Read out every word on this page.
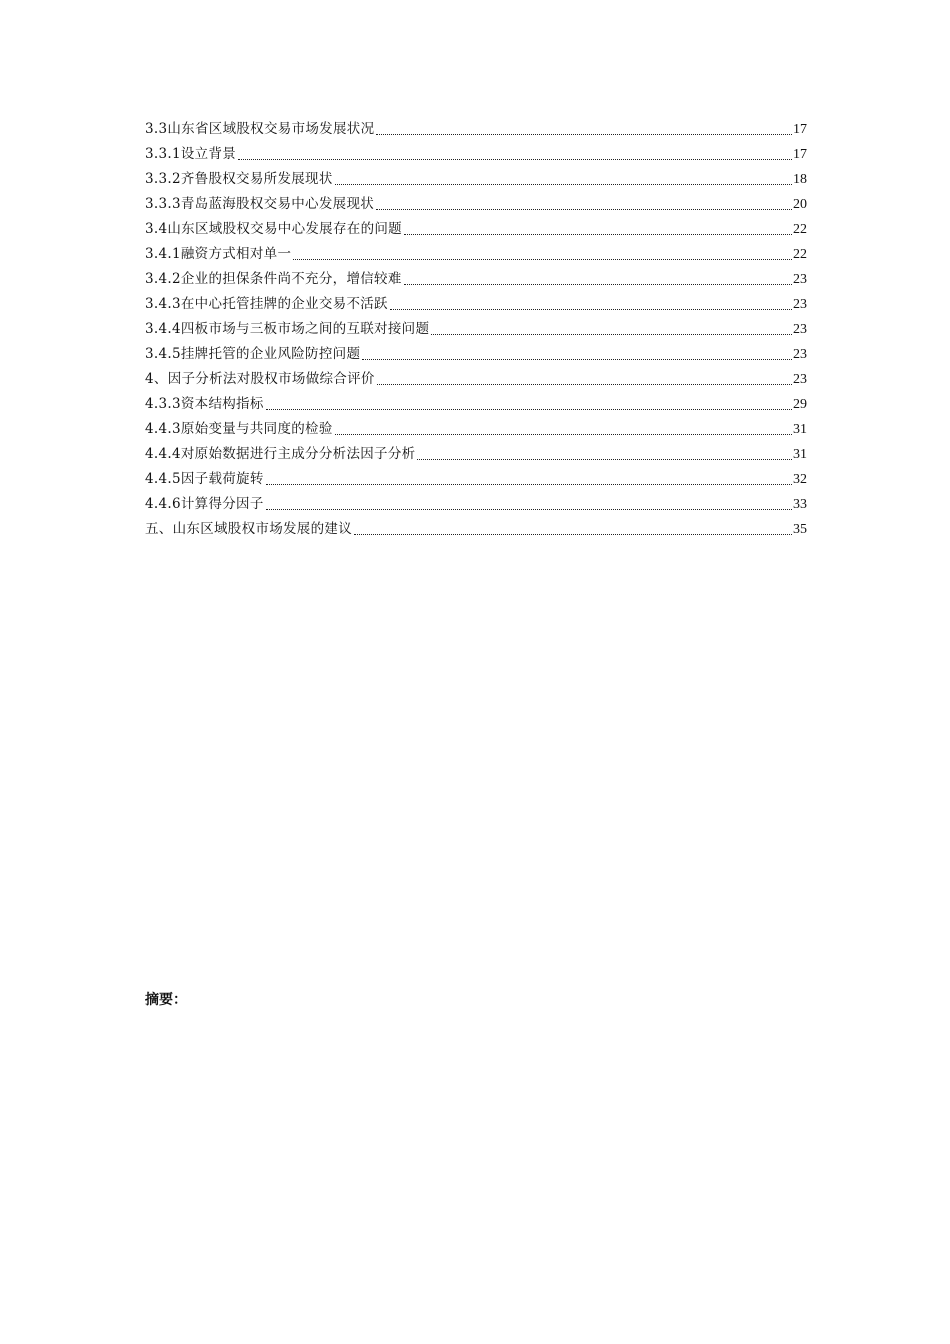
3.3山东省区域股权交易市场发展状况	17
3.3.1设立背景	17
3.3.2齐鲁股权交易所发展现状	18
3.3.3青岛蓝海股权交易中心发展现状	20
3.4山东区域股权交易中心发展存在的问题	22
3.4.1融资方式相对单一	22
3.4.2企业的担保条件尚不充分，增信较难	23
3.4.3在中心托管挂牌的企业交易不活跃	23
3.4.4四板市场与三板市场之间的互联对接问题	23
3.4.5挂牌托管的企业风险防控问题	23
4、因子分析法对股权市场做综合评价	23
4.3.3资本结构指标	29
4.4.3原始变量与共同度的检验	31
4.4.4对原始数据进行主成分分析法因子分析	31
4.4.5因子载荷旋转	32
4.4.6计算得分因子	33
五、山东区域股权市场发展的建议	35
摘要：
